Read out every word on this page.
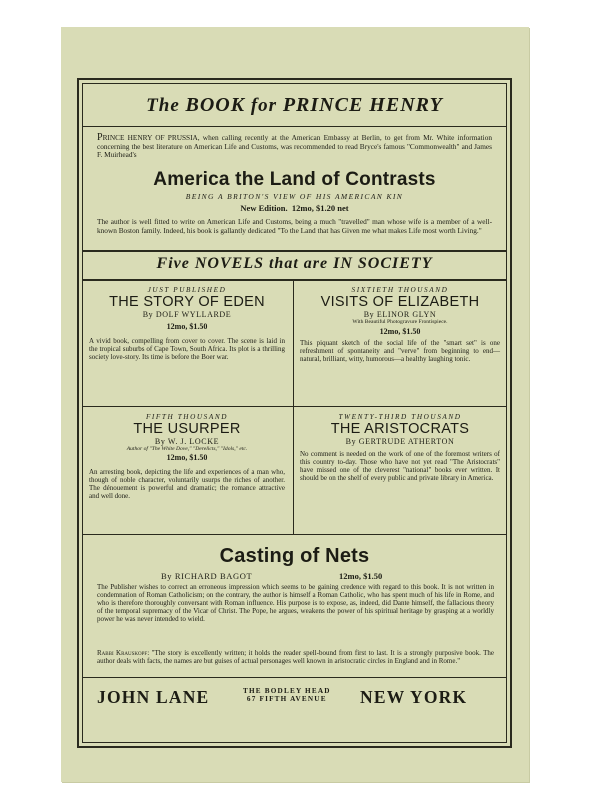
The BOOK for PRINCE HENRY
PRINCE HENRY OF PRUSSIA, when calling recently at the American Embassy at Berlin, to get from Mr. White information concerning the best literature on American Life and Customs, was recommended to read Bryce's famous "Commonwealth" and James F. Muirhead's
America the Land of Contrasts
BEING A BRITON'S VIEW OF HIS AMERICAN KIN
New Edition. 12mo, $1.20 net
The author is well fitted to write on American Life and Customs, being a much "travelled" man whose wife is a member of a well-known Boston family. Indeed, his book is gallantly dedicated "To the Land that has Given me what makes Life most worth Living."
Five NOVELS that are IN SOCIETY
JUST PUBLISHED
THE STORY OF EDEN
By DOLF WYLLARDE
12mo, $1.50
A vivid book, compelling from cover to cover. The scene is laid in the tropical suburbs of Cape Town, South Africa. Its plot is a thrilling society love-story. Its time is before the Boer war.
SIXTIETH THOUSAND
VISITS OF ELIZABETH
By ELINOR GLYN
With Beautiful Photogravure Frontispiece.
12mo, $1.50
This piquant sketch of the social life of the "smart set" is one refreshment of spontaneity and "verve" from beginning to end—natural, brilliant, witty, humorous—a healthy laughing tonic.
FIFTH THOUSAND
THE USURPER
By W. J. LOCKE
Author of "The White Dove," "Derelicts," "Idols," etc.
12mo, $1.50
An arresting book, depicting the life and experiences of a man who, though of noble character, voluntarily usurps the riches of another. The dénouement is powerful and dramatic; the romance attractive and well done.
TWENTY-THIRD THOUSAND
THE ARISTOCRATS
By GERTRUDE ATHERTON
No comment is needed on the work of one of the foremost writers of this country to-day. Those who have not yet read "The Aristocrats" have missed one of the cleverest "national" books ever written. It should be on the shelf of every public and private library in America.
Casting of Nets
By RICHARD BAGOT	12mo, $1.50
The Publisher wishes to correct an erroneous impression which seems to be gaining credence with regard to this book. It is not written in condemnation of Roman Catholicism; on the contrary, the author is himself a Roman Catholic, who has spent much of his life in Rome, and who is therefore thoroughly conversant with Roman influence. His purpose is to expose, as, indeed, did Dante himself, the fallacious theory of the temporal supremacy of the Vicar of Christ. The Pope, he argues, weakens the power of his spiritual heritage by grasping at a worldly power he was never intended to wield.
Rabbi Krauskopf: "The story is excellently written; it holds the reader spell-bound from first to last. It is a strongly purposive book. The author deals with facts, the names are but guises of actual personages well known in aristocratic circles in England and in Rome."
JOHN LANE	THE BODLEY HEAD
67 FIFTH AVENUE NEW YORK
